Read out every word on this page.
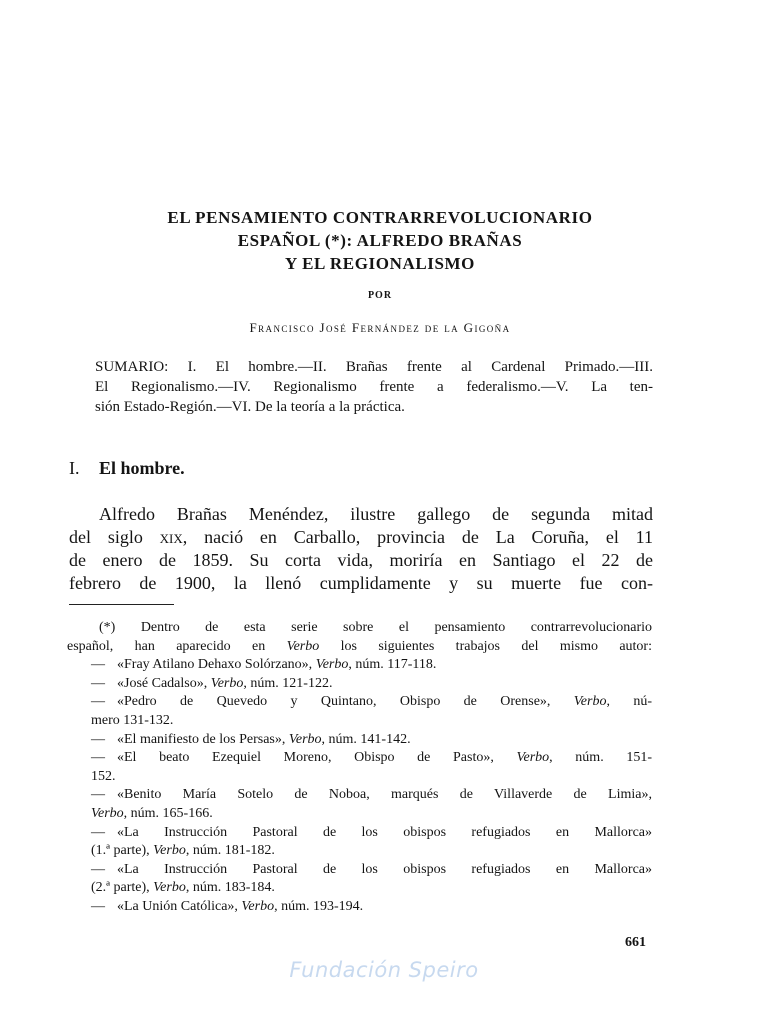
EL PENSAMIENTO CONTRARREVOLUCIONARIO
ESPAÑOL (*): ALFREDO BRAÑAS
Y EL REGIONALISMO
POR
Francisco José Fernández de la Gigoña
SUMARIO: I. El hombre.—II. Brañas frente al Cardenal Primado.—III.
El Regionalismo.—IV. Regionalismo frente a federalismo.—V. La ten-
sión Estado-Región.—VI. De la teoría a la práctica.
I. El hombre.
Alfredo Brañas Menéndez, ilustre gallego de segunda mitad
del siglo xix, nació en Carballo, provincia de La Coruña, el 11
de enero de 1859. Su corta vida, moriría en Santiago el 22 de
febrero de 1900, la llenó cumplidamente y su muerte fue con-
(*) Dentro de esta serie sobre el pensamiento contrarrevolucionario
español, han aparecido en Verbo los siguientes trabajos del mismo autor:
— «Fray Atilano Dehaxo Solórzano», Verbo, núm. 117-118.
— «José Cadalso», Verbo, núm. 121-122.
— «Pedro de Quevedo y Quintano, Obispo de Orense», Verbo, nú-
mero 131-132.
— «El manifiesto de los Persas», Verbo, núm. 141-142.
— «El beato Ezequiel Moreno, Obispo de Pasto», Verbo, núm. 151-
152.
— «Benito María Sotelo de Noboa, marqués de Villaverde de Limia»,
Verbo, núm. 165-166.
— «La Instrucción Pastoral de los obispos refugiados en Mallorca»
(1.ª parte), Verbo, núm. 181-182.
— «La Instrucción Pastoral de los obispos refugiados en Mallorca»
(2.ª parte), Verbo, núm. 183-184.
— «La Unión Católica», Verbo, núm. 193-194.
661
Fundación Speiro
